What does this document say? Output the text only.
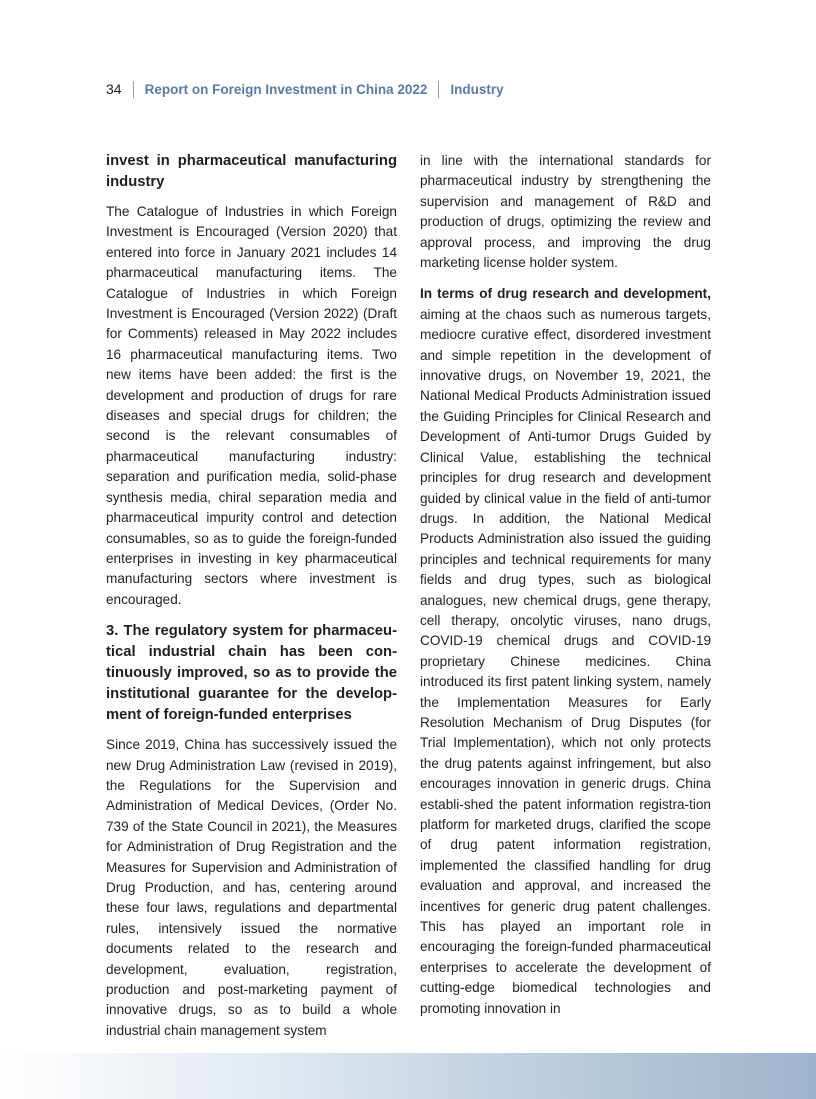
34 Report on Foreign Investment in China 2022 Industry
invest in pharmaceutical manufacturing industry

The Catalogue of Industries in which Foreign Investment is Encouraged (Version 2020) that entered into force in January 2021 includes 14 pharmaceutical manufacturing items. The Catalogue of Industries in which Foreign Investment is Encouraged (Version 2022) (Draft for Comments) released in May 2022 includes 16 pharmaceutical manufacturing items. Two new items have been added: the first is the development and production of drugs for rare diseases and special drugs for children; the second is the relevant consumables of pharmaceutical manufacturing industry: separation and purification media, solid-phase synthesis media, chiral separation media and pharmaceutical impurity control and detection consumables, so as to guide the foreign-funded enterprises in investing in key pharmaceutical manufacturing sectors where investment is encouraged.

3. The regulatory system for pharmaceu-tical industrial chain has been con-tinuously improved, so as to provide the institutional guarantee for the develop-ment of foreign-funded enterprises

Since 2019, China has successively issued the new Drug Administration Law (revised in 2019), the Regulations for the Supervision and Administration of Medical Devices, (Order No. 739 of the State Council in 2021), the Measures for Administration of Drug Registration and the Measures for Supervision and Administration of Drug Production, and has, centering around these four laws, regulations and departmental rules, intensively issued the normative documents related to the research and development, evaluation, registration, production and post-marketing payment of innovative drugs, so as to build a whole industrial chain management system

in line with the international standards for pharmaceutical industry by strengthening the supervision and management of R&D and production of drugs, optimizing the review and approval process, and improving the drug marketing license holder system.

In terms of drug research and development, aiming at the chaos such as numerous targets, mediocre curative effect, disordered investment and simple repetition in the development of innovative drugs, on November 19, 2021, the National Medical Products Administration issued the Guiding Principles for Clinical Research and Development of Anti-tumor Drugs Guided by Clinical Value, establishing the technical principles for drug research and development guided by clinical value in the field of anti-tumor drugs. In addition, the National Medical Products Administration also issued the guiding principles and technical requirements for many fields and drug types, such as biological analogues, new chemical drugs, gene therapy, cell therapy, oncolytic viruses, nano drugs, COVID-19 chemical drugs and COVID-19 proprietary Chinese medicines. China introduced its first patent linking system, namely the Implementation Measures for Early Resolution Mechanism of Drug Disputes (for Trial Implementation), which not only protects the drug patents against infringement, but also encourages innovation in generic drugs. China establi-shed the patent information registra-tion platform for marketed drugs, clarified the scope of drug patent information registration, implemented the classified handling for drug evaluation and approval, and increased the incentives for generic drug patent challenges. This has played an important role in encouraging the foreign-funded pharmaceutical enterprises to accelerate the development of cutting-edge biomedical technologies and promoting innovation in
